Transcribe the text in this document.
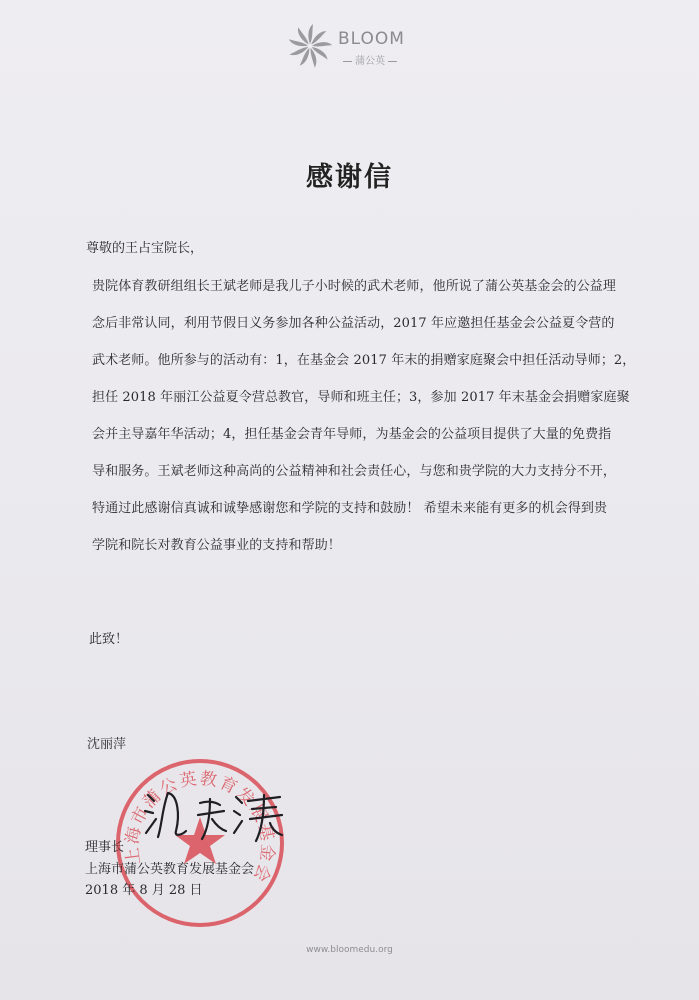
BLOOM
蒲公英
感谢信
尊敬的王占宝院长，
贵院体育教研组组长王斌老师是我儿子小时候的武术老师，他所说了蒲公英基金会的公益理
念后非常认同，利用节假日义务参加各种公益活动，2017 年应邀担任基金会公益夏令营的
武术老师。他所参与的活动有：1，在基金会 2017 年末的捐赠家庭聚会中担任活动导师；2，
担任 2018 年丽江公益夏令营总教官，导师和班主任；3，参加 2017 年末基金会捐赠家庭聚
会并主导嘉年华活动；4，担任基金会青年导师，为基金会的公益项目提供了大量的免费指
导和服务。王斌老师这种高尚的公益精神和社会责任心，与您和贵学院的大力支持分不开，
特通过此感谢信真诚和诚挚感谢您和学院的支持和鼓励！ 希望未来能有更多的机会得到贵
学院和院长对教育公益事业的支持和帮助！
此致！
沈丽萍
上海市蒲公英教育发展基金会
理事长
上海市蒲公英教育发展基金会
2018 年 8 月 28 日
www.bloomedu.org
